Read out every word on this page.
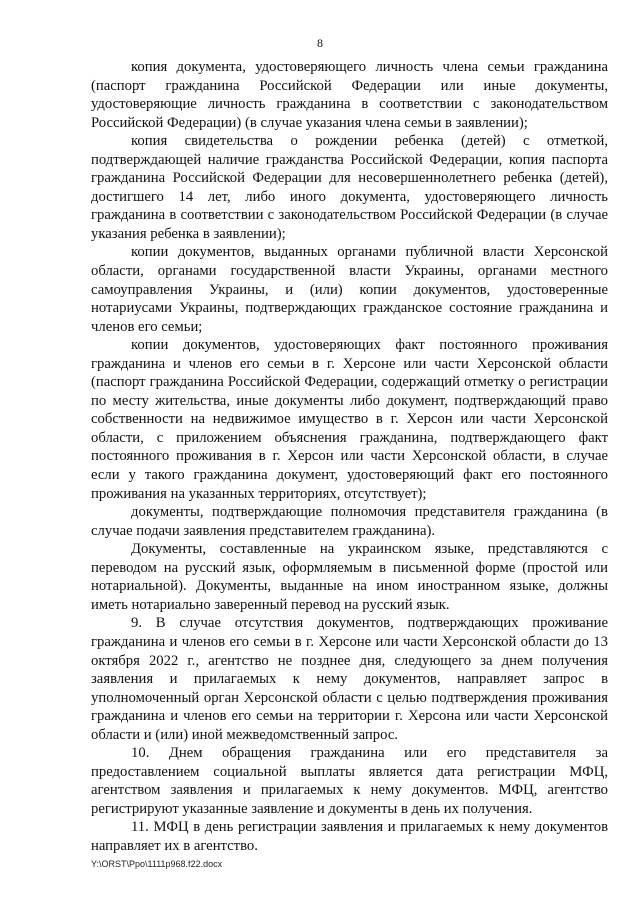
8

копия документа, удостоверяющего личность члена семьи гражданина (паспорт гражданина Российской Федерации или иные документы, удостоверяющие личность гражданина в соответствии с законодательством Российской Федерации) (в случае указания члена семьи в заявлении);

копия свидетельства о рождении ребенка (детей) с отметкой, подтверждающей наличие гражданства Российской Федерации, копия паспорта гражданина Российской Федерации для несовершеннолетнего ребенка (детей), достигшего 14 лет, либо иного документа, удостоверяющего личность гражданина в соответствии с законодательством Российской Федерации (в случае указания ребенка в заявлении);

копии документов, выданных органами публичной власти Херсонской области, органами государственной власти Украины, органами местного самоуправления Украины, и (или) копии документов, удостоверенные нотариусами Украины, подтверждающих гражданское состояние гражданина и членов его семьи;

копии документов, удостоверяющих факт постоянного проживания гражданина и членов его семьи в г. Херсоне или части Херсонской области (паспорт гражданина Российской Федерации, содержащий отметку о регистрации по месту жительства, иные документы либо документ, подтверждающий право собственности на недвижимое имущество в г. Херсон или части Херсонской области, с приложением объяснения гражданина, подтверждающего факт постоянного проживания в г. Херсон или части Херсонской области, в случае если у такого гражданина документ, удостоверяющий факт его постоянного проживания на указанных территориях, отсутствует);

документы, подтверждающие полномочия представителя гражданина (в случае подачи заявления представителем гражданина).

Документы, составленные на украинском языке, представляются с переводом на русский язык, оформляемым в письменной форме (простой или нотариальной). Документы, выданные на ином иностранном языке, должны иметь нотариально заверенный перевод на русский язык.

9. В случае отсутствия документов, подтверждающих проживание гражданина и членов его семьи в г. Херсоне или части Херсонской области до 13 октября 2022 г., агентство не позднее дня, следующего за днем получения заявления и прилагаемых к нему документов, направляет запрос в уполномоченный орган Херсонской области с целью подтверждения проживания гражданина и членов его семьи на территории г. Херсона или части Херсонской области и (или) иной межведомственный запрос.

10. Днем обращения гражданина или его представителя за предоставлением социальной выплаты является дата регистрации МФЦ, агентством заявления и прилагаемых к нему документов. МФЦ, агентство регистрируют указанные заявление и документы в день их получения.

11. МФЦ в день регистрации заявления и прилагаемых к нему документов направляет их в агентство.

Y:\ORST\Ppo\1111p968.f22.docx
